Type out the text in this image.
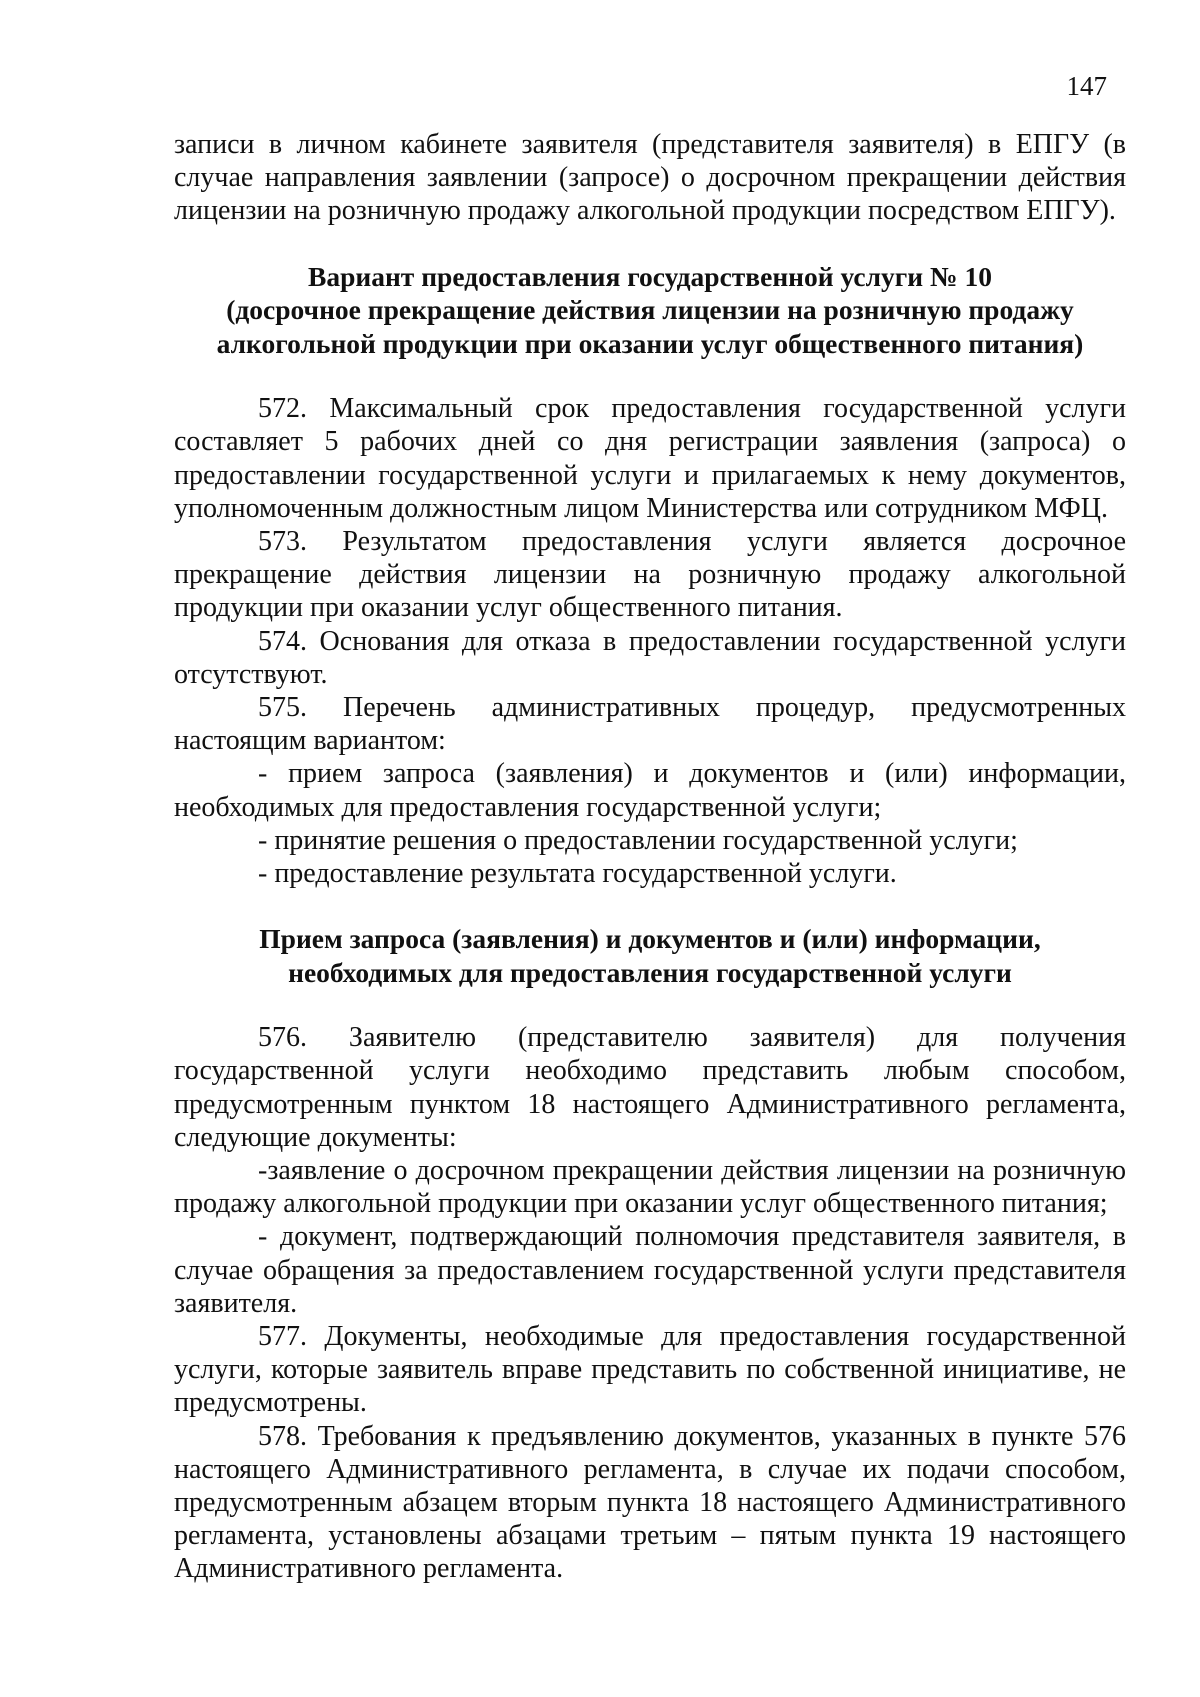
147

записи в личном кабинете заявителя (представителя заявителя) в ЕПГУ (в случае направления заявлении (запросе) о досрочном прекращении действия лицензии на розничную продажу алкогольной продукции посредством ЕПГУ).

Вариант предоставления государственной услуги № 10

(досрочное прекращение действия лицензии на розничную продажу

алкогольной продукции при оказании услуг общественного питания)

572. Максимальный срок предоставления государственной услуги составляет 5 рабочих дней со дня регистрации заявления (запроса) о предоставлении государственной услуги и прилагаемых к нему документов, уполномоченным должностным лицом Министерства или сотрудником МФЦ.

573. Результатом предоставления услуги является досрочное прекращение действия лицензии на розничную продажу алкогольной продукции при оказании услуг общественного питания.

574. Основания для отказа в предоставлении государственной услуги отсутствуют.

575. Перечень административных процедур, предусмотренных настоящим вариантом:

- прием запроса (заявления) и документов и (или) информации, необходимых для предоставления государственной услуги;

- принятие решения о предоставлении государственной услуги;

- предоставление результата государственной услуги.

Прием запроса (заявления) и документов и (или) информации,

необходимых для предоставления государственной услуги

576. Заявителю (представителю заявителя) для получения государственной услуги необходимо представить любым способом, предусмотренным пунктом 18 настоящего Административного регламента, следующие документы:

-заявление о досрочном прекращении действия лицензии на розничную продажу алкогольной продукции при оказании услуг общественного питания;

- документ, подтверждающий полномочия представителя заявителя, в случае обращения за предоставлением государственной услуги представителя заявителя.

577. Документы, необходимые для предоставления государственной услуги, которые заявитель вправе представить по собственной инициативе, не предусмотрены.

578. Требования к предъявлению документов, указанных в пункте 576 настоящего Административного регламента, в случае их подачи способом, предусмотренным абзацем вторым пункта 18 настоящего Административного регламента, установлены абзацами третьим – пятым пункта 19 настоящего Административного регламента.
